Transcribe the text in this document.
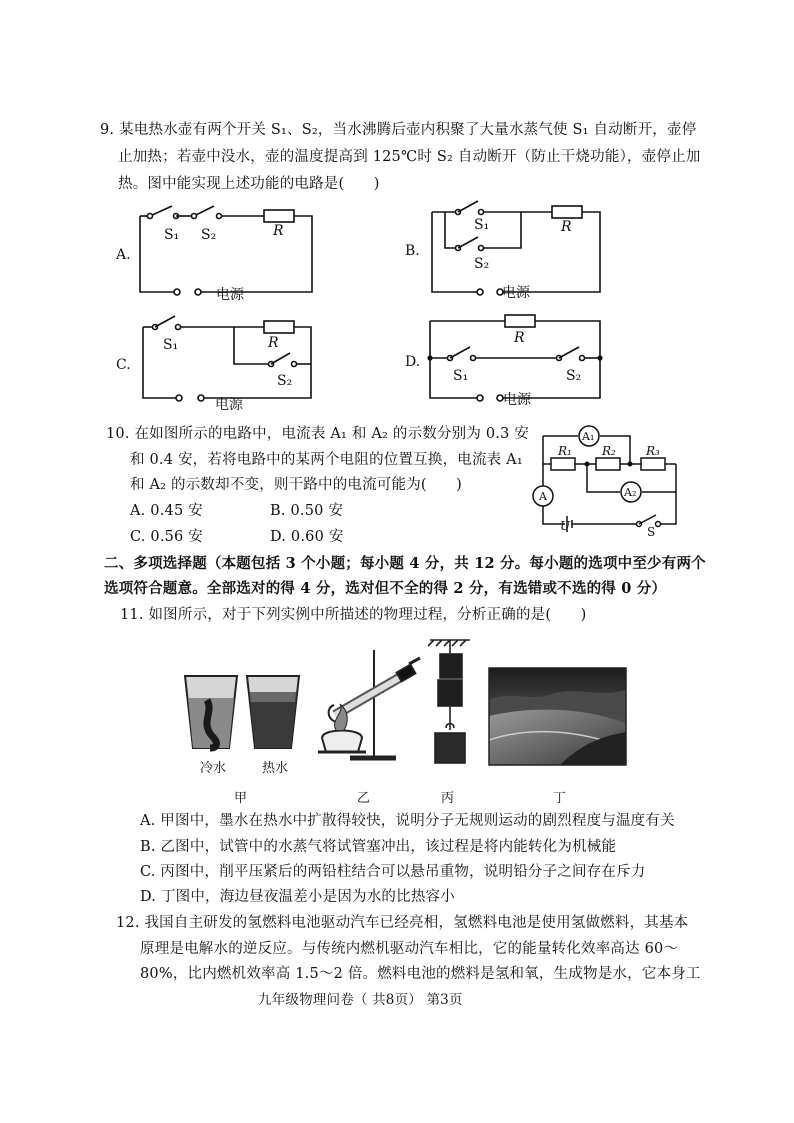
9. 某电热水壶有两个开关 S₁、S₂，当水沸腾后壶内积聚了大量水蒸气使 S₁ 自动断开，壶停
止加热；若壶中没水，壶的温度提高到 125℃时 S₂ 自动断开（防止干烧功能），壶停止加
热。图中能实现上述功能的电路是(　　)
A.
S₁ S₂	R
电源
B.
S₁
S₂
R
电源
C.
S₁
S₂
R
电源
D.
S₁	S₂
R
电源
10. 在如图所示的电路中，电流表 A₁ 和 A₂ 的示数分别为 0.3 安
和 0.4 安，若将电路中的某两个电阻的位置互换，电流表 A₁
和 A₂ 的示数却不变，则干路中的电流可能为(　　)
A. 0.45 安	B. 0.50 安
C. 0.56 安	D. 0.60 安
A₁
A₂
A
R₁	R₂	R₃
U	S
二、多项选择题（本题包括 3 个小题；每小题 4 分，共 12 分。每小题的选项中至少有两个
选项符合题意。全部选对的得 4 分，选对但不全的得 2 分，有选错或不选的得 0 分）
11. 如图所示，对于下列实例中所描述的物理过程，分析正确的是(　　)
冷水	热水
甲	乙	丙	丁
A. 甲图中，墨水在热水中扩散得较快，说明分子无规则运动的剧烈程度与温度有关
B. 乙图中，试管中的水蒸气将试管塞冲出，该过程是将内能转化为机械能
C. 丙图中，削平压紧后的两铅柱结合可以悬吊重物，说明铅分子之间存在斥力
D. 丁图中，海边昼夜温差小是因为水的比热容小
12. 我国自主研发的氢燃料电池驱动汽车已经亮相，氢燃料电池是使用氢做燃料，其基本
原理是电解水的逆反应。与传统内燃机驱动汽车相比，它的能量转化效率高达 60～
80%，比内燃机效率高 1.5～2 倍。燃料电池的燃料是氢和氧，生成物是水，它本身工
九年级物理问卷（ 共8页） 第3页
